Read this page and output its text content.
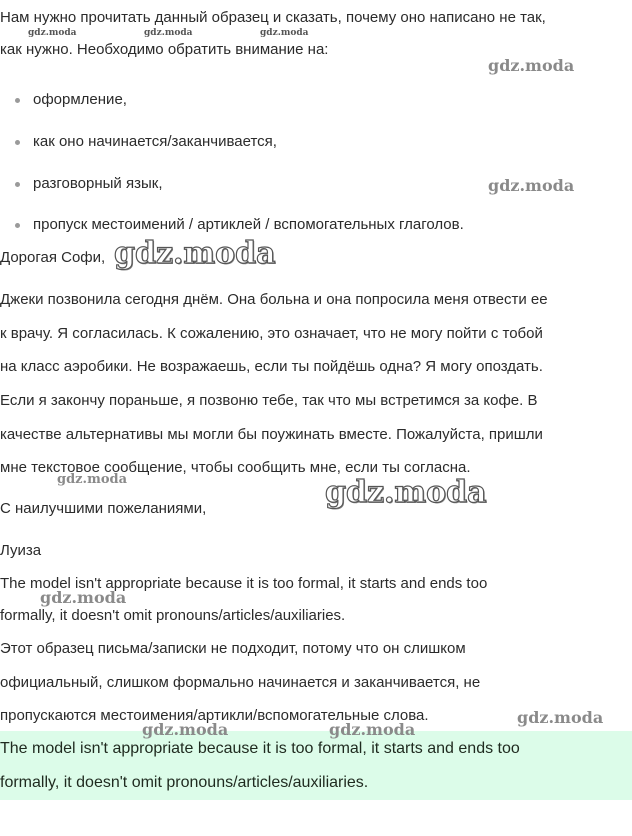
Нам нужно прочитать данный образец и сказать, почему оно написано не так,
как нужно. Необходимо обратить внимание на:
оформление,
как оно начинается/заканчивается,
разговорный язык,
пропуск местоимений / артиклей / вспомогательных глаголов.
Дорогая Софи,
Джеки позвонила сегодня днём. Она больна и она попросила меня отвести ее
к врачу. Я согласилась. К сожалению, это означает, что не могу пойти с тобой
на класс аэробики. Не возражаешь, если ты пойдёшь одна? Я могу опоздать.
Если я закончу пораньше, я позвоню тебе, так что мы встретимся за кофе. В
качестве альтернативы мы могли бы поужинать вместе. Пожалуйста, пришли
мне текстовое сообщение, чтобы сообщить мне, если ты согласна.
С наилучшими пожеланиями,
Луиза
The model isn't appropriate because it is too formal, it starts and ends too
formally, it doesn't omit pronouns/articles/auxiliaries.
Этот образец письма/записки не подходит, потому что он слишком
официальный, слишком формально начинается и заканчивается, не
пропускаются местоимения/артикли/вспомогательные слова.
The model isn't appropriate because it is too formal, it starts and ends too
formally, it doesn't omit pronouns/articles/auxiliaries.
gdz.moda	gdz.moda	gdz.moda
gdz.moda
gdz.moda
gdz.moda
gdz.moda	gdz.moda
gdz.moda
gdz.moda
gdz.moda	gdz.moda
